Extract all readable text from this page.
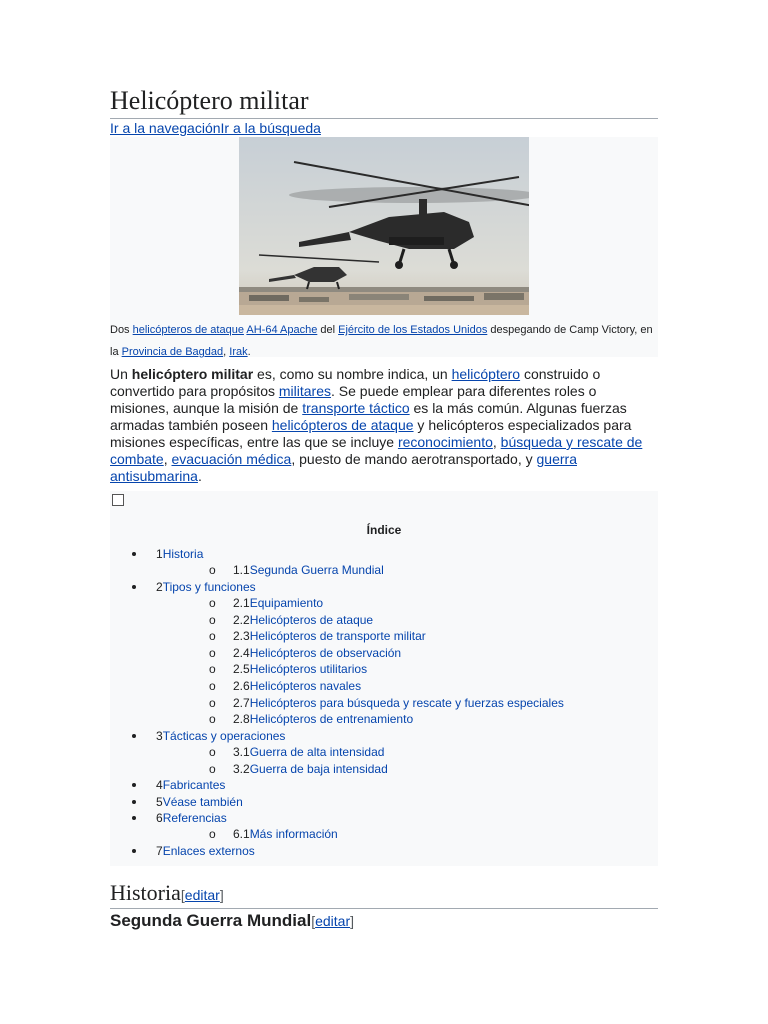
Helicóptero militar
Ir a la navegaciónIr a la búsqueda
Dos helicópteros de ataque AH-64 Apache del Ejército de los Estados Unidos despegando de Camp Victory, en la Provincia de Bagdad, Irak.

Un helicóptero militar es, como su nombre indica, un helicóptero construido o convertido para propósitos militares. Se puede emplear para diferentes roles o misiones, aunque la misión de transporte táctico es la más común. Algunas fuerzas armadas también poseen helicópteros de ataque y helicópteros especializados para misiones específicas, entre las que se incluye reconocimiento, búsqueda y rescate de combate, evacuación médica, puesto de mando aerotransportado, y guerra antisubmarina.

Índice
1Historia
o 1.1Segunda Guerra Mundial
2Tipos y funciones
o 2.1Equipamiento
o 2.2Helicópteros de ataque
o 2.3Helicópteros de transporte militar
o 2.4Helicópteros de observación
o 2.5Helicópteros utilitarios
o 2.6Helicópteros navales
o 2.7Helicópteros para búsqueda y rescate y fuerzas especiales
o 2.8Helicópteros de entrenamiento
3Tácticas y operaciones
o 3.1Guerra de alta intensidad
o 3.2Guerra de baja intensidad
4Fabricantes
5Véase también
6Referencias
o 6.1Más información
7Enlaces externos
Historia[editar]
Segunda Guerra Mundial[editar]
